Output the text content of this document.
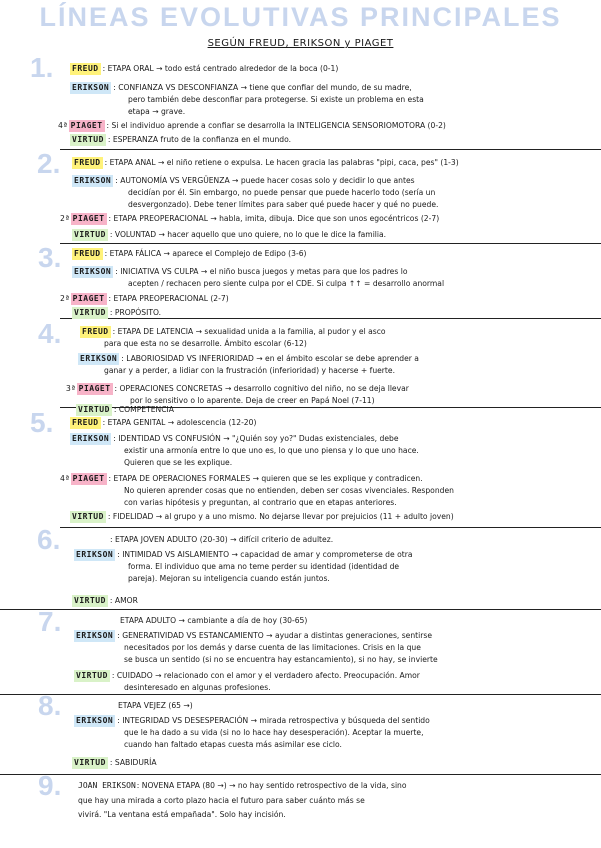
LÍNEAS EVOLUTIVAS PRINCIPALES
SEGÚN FREUD, ERIKSON y PIAGET
1.
2.
3.
4.
5.
6.
7.
8.
9.
FREUD : ETAPA ORAL → todo está centrado alrededor de la boca (0-1)
ERIKSON : CONFIANZA VS DESCONFIANZA → tiene que confiar del mundo, de su madre,
pero también debe desconfiar para protegerse. Si existe un problema en esta
etapa → grave.
4ª PIAGET : Si el individuo aprende a confiar se desarrolla la INTELIGENCIA SENSORIOMOTORA (0-2)
VIRTUD : ESPERANZA fruto de la confianza en el mundo.
FREUD : ETAPA ANAL → el niño retiene o expulsa. Le hacen gracia las palabras "pipi, caca, pes" (1-3)
ERIKSON : AUTONOMÍA VS VERGÜENZA → puede hacer cosas solo y decidir lo que antes
decidían por él. Sin embargo, no puede pensar que puede hacerlo todo (sería un
desvergonzado). Debe tener límites para saber qué puede hacer y qué no puede.
2ª PIAGET : ETAPA PREOPERACIONAL → habla, imita, dibuja. Dice que son unos egocéntricos (2-7)
VIRTUD : VOLUNTAD → hacer aquello que uno quiere, no lo que le dice la familia.
FREUD : ETAPA FÁLICA → aparece el Complejo de Edipo (3-6)
ERIKSON : INICIATIVA VS CULPA → el niño busca juegos y metas para que los padres lo
acepten / rechacen pero siente culpa por el CDE. Si culpa ↑↑ = desarrollo anormal
2ª PIAGET : ETAPA PREOPERACIONAL (2-7)
VIRTUD : PROPÓSITO.
FREUD : ETAPA DE LATENCIA → sexualidad unida a la familia, al pudor y el asco
para que esta no se desarrolle. Ámbito escolar (6-12)
ERIKSON : LABORIOSIDAD VS INFERIORIDAD → en el ámbito escolar se debe aprender a
ganar y a perder, a lidiar con la frustración (inferioridad) y hacerse + fuerte.
3ª PIAGET : OPERACIONES CONCRETAS → desarrollo cognitivo del niño, no se deja llevar
por lo sensitivo o lo aparente. Deja de creer en Papá Noel (7-11)
VIRTUD : COMPETENCIA
FREUD : ETAPA GENITAL → adolescencia (12-20)
ERIKSON : IDENTIDAD VS CONFUSIÓN → "¿Quién soy yo?" Dudas existenciales, debe
existir una armonía entre lo que uno es, lo que uno piensa y lo que uno hace.
Quieren que se les explique.
4ª PIAGET : ETAPA DE OPERACIONES FORMALES → quieren que se les explique y contradicen.
No quieren aprender cosas que no entienden, deben ser cosas vivenciales. Responden
con varias hipótesis y preguntan, al contrario que en etapas anteriores.
VIRTUD : FIDELIDAD → al grupo y a uno mismo. No dejarse llevar por prejuicios (11 + adulto joven)
: ETAPA JOVEN ADULTO (20-30) → difícil criterio de adultez.
ERIKSON : INTIMIDAD VS AISLAMIENTO → capacidad de amar y comprometerse de otra
forma. El individuo que ama no teme perder su identidad (identidad de
pareja). Mejoran su inteligencia cuando están juntos.
VIRTUD : AMOR
ETAPA ADULTO → cambiante a día de hoy (30-65)
ERIKSON : GENERATIVIDAD VS ESTANCAMIENTO → ayudar a distintas generaciones, sentirse
necesitados por los demás y darse cuenta de las limitaciones. Crisis en la que
se busca un sentido (si no se encuentra hay estancamiento), si no hay, se invierte
VIRTUD : CUIDADO → relacionado con el amor y el verdadero afecto. Preocupación. Amor
desinteresado en algunas profesiones.
ETAPA VEJEZ (65 →)
ERIKSON : INTEGRIDAD VS DESESPERACIÓN → mirada retrospectiva y búsqueda del sentido
que le ha dado a su vida (si no lo hace hay desesperación). Aceptar la muerte,
cuando han faltado etapas cuesta más asimilar ese ciclo.
VIRTUD : SABIDURÍA
JOAN ERIKSON: NOVENA ETAPA (80 →) → no hay sentido retrospectivo de la vida, sino
que hay una mirada a corto plazo hacia el futuro para saber cuánto más se
vivirá. "La ventana está empañada". Solo hay incisión.
